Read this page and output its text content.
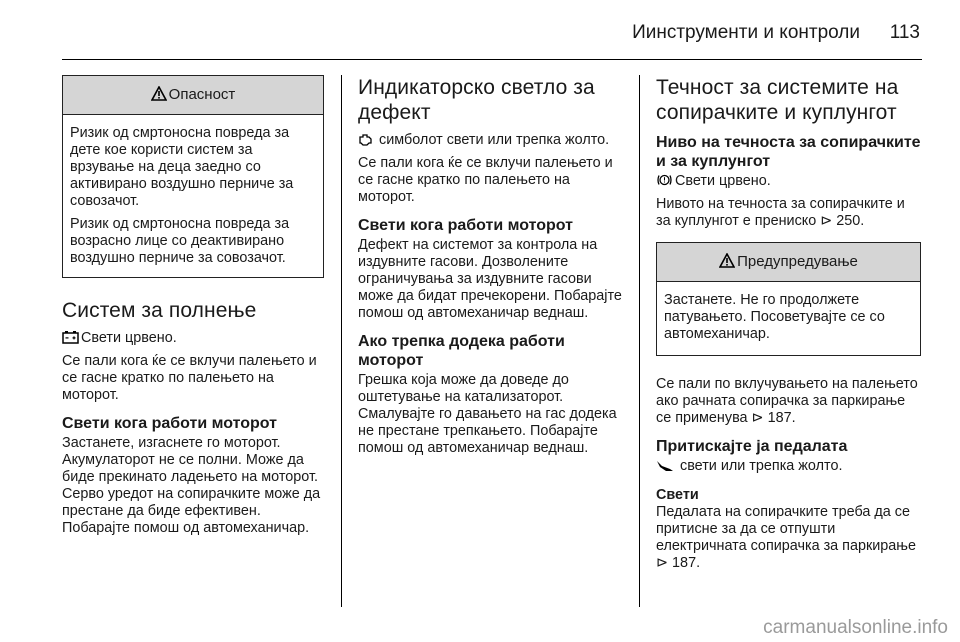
Иинструменти и контроли 113
Опасност

Ризик од смртоносна повреда за дете кое користи систем за врзување на деца заедно со активирано воздушно перниче за совозачот.

Ризик од смртоносна повреда за возрасно лице со деактивирано воздушно перниче за совозачот.

Систем за полнење

Свети црвено.

Се пали кога ќе се вклучи палењето и се гасне кратко по палењето на моторот.

Свети кога работи моторот

Застанете, изгаснете го моторот. Акумулаторот не се полни. Може да биде прекинато ладењето на моторот. Серво уредот на сопирачките може да престане да биде ефективен. Побарајте помош од автомеханичар.

Индикаторско светло за дефект

симболот свети или трепка жолто.

Се пали кога ќе се вклучи палењето и се гасне кратко по палењето на моторот.

Свети кога работи моторот

Дефект на системот за контрола на издувните гасови. Дозволените ограничувања за издувните гасови може да бидат пречекорени. Побарајте помош од автомеханичар веднаш.

Ако трепка додека работи моторот

Грешка која може да доведе до оштетување на катализаторот. Смалувајте го давањето на гас додека не престане трепкањето. Побарајте помош од автомеханичар веднаш.

Течност за системите на сопирачките и куплунгот
Ниво на течноста за сопирачките и за куплунгот

Свети црвено.

Нивото на течноста за сопирачките и за куплунгот е прениско ⊳ 250.

Предупредување

Застанете. Не го продолжете патувањето. Посоветувајте се со автомеханичар.

Се пали по вклучувањето на палењето ако рачната сопирачка за паркирање се применува ⊳ 187.

Притискајте ја педалата

свети или трепка жолто.

Свети

Педалата на сопирачките треба да се притисне за да се отпушти електричната сопирачка за паркирање ⊳ 187.

carmanualsonline.info
